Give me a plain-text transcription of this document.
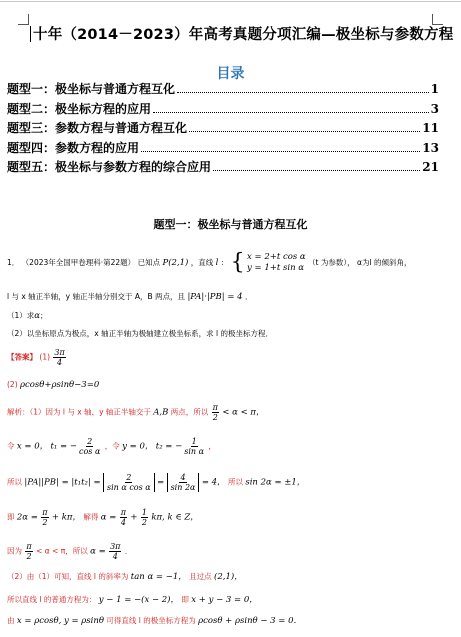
十年（2014－2023）年高考真题分项汇编—极坐标与参数方程
目录
题型一：极坐标与普通方程互化	1
题型二：极坐标方程的应用	3
题型三：参数方程与普通方程互化	11
题型四：参数方程的应用	13
题型五：极坐标与参数方程的综合应用	21
题型一：极坐标与普通方程互化
1． （2023年全国甲卷理科·第22题） 已知点 P(2,1) ，直线 l ： { x = 2+t cos α
y = 1+t sin α
（t 为参数）， α为l 的倾斜角，
l 与 x 轴正半轴，y 轴正半轴分别交于 A，B 两点，且 |PA|·|PB| = 4 ．
（1）求α；
（2）以坐标原点为极点，x 轴正半轴为极轴建立极坐标系，求 l 的极坐标方程．
【答案】 $(1) \frac{3\pi}{4}$
(2) ρcosθ+ρsinθ−3=0
解析：（1）因为 l 与 x 轴，y 轴正半轴交于 A,B 两点，所以 $\frac{\pi}{2} < \alpha < \pi$，
令 x = 0， t₁ = − $\frac{2}{\text{cos α}}$ ，令 y = 0， t₂ = − $\frac{1}{\text{sin α}}$ ，
所以 $|PA||PB| = |t_1t_2| = \frac{2}{\text{sin α cos α}} = \frac{4}{\sin 2\alpha} = 4$， 所以 sin 2α = ±1，
即 $2\alpha = \frac{\pi}{2} + k\pi$， 解得 $\alpha = \frac{\pi}{4} + \frac{1}{2} k\pi$, k ∈ Z，
因为 $\frac{\pi}{2} < \alpha < \pi$，所以 $\alpha = \frac{3\pi}{4}$ ．
（2）由（1）可知，直线 l 的斜率为 tan α = −1， 且过点 (2,1)，
所以直线 l 的普通方程为： y − 1 = −(x − 2)， 即 x + y − 3 = 0，
由 x = ρcosθ, y = ρsinθ 可得直线 l 的极坐标方程为 ρcosθ + ρsinθ − 3 = 0．
